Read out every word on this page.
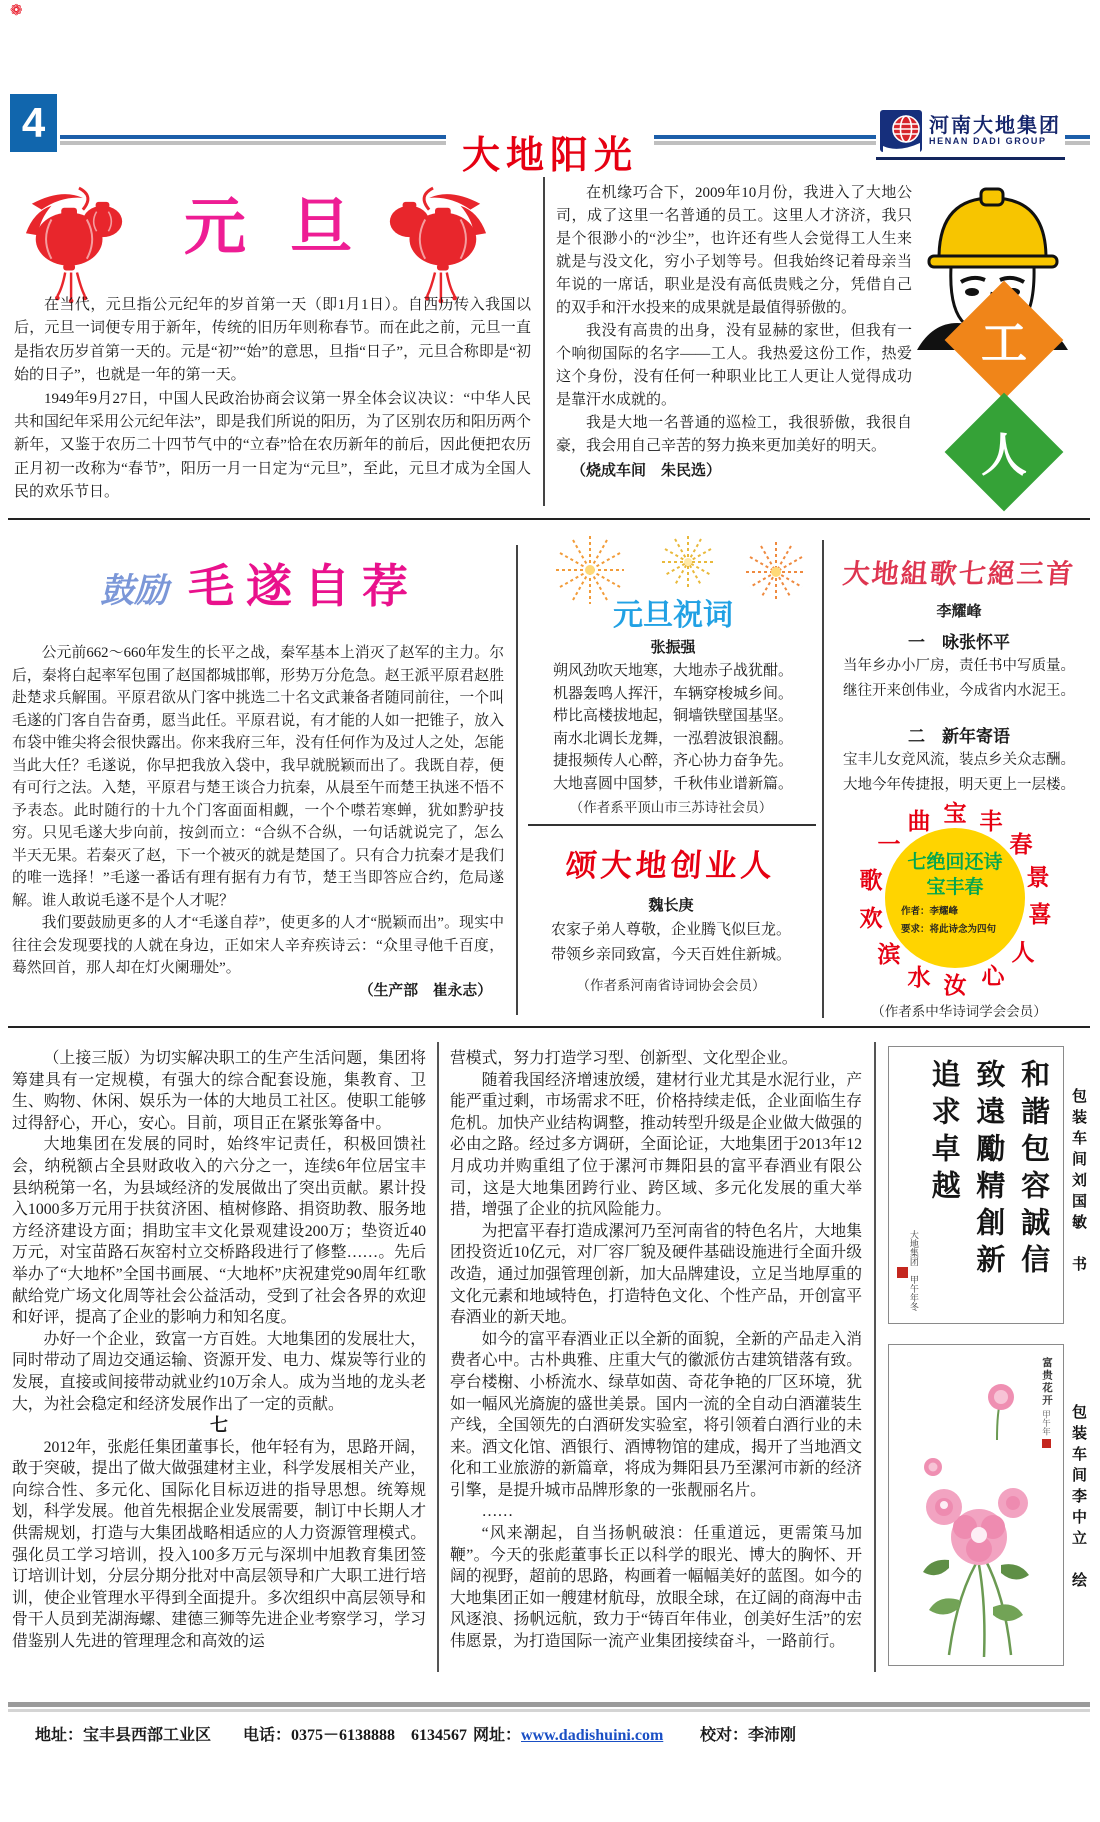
❁
4
大地阳光
河南大地集团
HENAN DADI GROUP
元旦

在当代，元旦指公元纪年的岁首第一天（即1月1日）。自西历传入我国以后，元旦一词便专用于新年，传统的旧历年则称春节。而在此之前，元旦一直是指农历岁首第一天的。元是“初”“始”的意思，旦指“日子”，元旦合称即是“初始的日子”，也就是一年的第一天。

1949年9月27日，中国人民政治协商会议第一界全体会议决议：“中华人民共和国纪年采用公元纪年法”，即是我们所说的阳历，为了区别农历和阳历两个新年，又鉴于农历二十四节气中的“立春”恰在农历新年的前后，因此便把农历正月初一改称为“春节”，阳历一月一日定为“元旦”，至此，元旦才成为全国人民的欢乐节日。

在机缘巧合下，2009年10月份，我进入了大地公司，成了这里一名普通的员工。这里人才济济，我只是个很渺小的“沙尘”，也许还有些人会觉得工人生来就是与没文化，穷小子划等号。但我始终记着母亲当年说的一席话，职业是没有高低贵贱之分，凭借自己的双手和汗水投来的成果就是最值得骄傲的。

我没有高贵的出身，没有显赫的家世，但我有一个响彻国际的名字——工人。我热爱这份工作，热爱这个身份，没有任何一种职业比工人更让人觉得成功是靠汗水成就的。

我是大地一名普通的巡检工，我很骄傲，我很自豪，我会用自己辛苦的努力换来更加美好的明天。

（烧成车间　朱民选）
工
人
鼓励 毛遂自荐

公元前662～660年发生的长平之战，秦军基本上消灭了赵军的主力。尔后，秦将白起率军包围了赵国都城邯郸，形势万分危急。赵王派平原君赵胜赴楚求兵解围。平原君欲从门客中挑选二十名文武兼备者随同前往，一个叫毛遂的门客自告奋勇，愿当此任。平原君说，有才能的人如一把锥子，放入布袋中锥尖将会很快露出。你来我府三年，没有任何作为及过人之处，怎能当此大任？毛遂说，你早把我放入袋中，我早就脱颖而出了。我既自荐，便有可行之法。入楚，平原君与楚王谈合力抗秦，从晨至午而楚王执迷不悟不予表态。此时随行的十九个门客面面相觑，一个个噤若寒蝉，犹如黔驴技穷。只见毛遂大步向前，按剑而立：“合纵不合纵，一句话就说完了，怎么半天无果。若秦灭了赵，下一个被灭的就是楚国了。只有合力抗秦才是我们的唯一选择！”毛遂一番话有理有据有力有节，楚王当即答应合约，危局遂解。谁人敢说毛遂不是个人才呢？

我们要鼓励更多的人才“毛遂自荐”，使更多的人才“脱颖而出”。现实中往往会发现要找的人就在身边，正如宋人辛弃疾诗云：“众里寻他千百度，蓦然回首，那人却在灯火阑珊处”。

（生产部　崔永志）
元旦祝词
张振强
朔风劲吹天地寒，大地赤子战犹酣。
机器轰鸣人挥汗，车辆穿梭城乡间。
栉比高楼拔地起，铜墙铁壁国基坚。
南水北调长龙舞，一泓碧波银浪翻。
捷报频传人心醉，齐心协力奋争先。
大地喜圆中国梦，千秋伟业谱新篇。
（作者系平顶山市三苏诗社会员）
颂大地创业人
魏长庚
农家子弟人尊敬，企业腾飞似巨龙。
带领乡亲同致富，今天百姓住新城。
（作者系河南省诗词协会会员）
大地組歌七絕三首
李耀峰
一　咏张怀平
当年乡办小厂房，责任书中写质量。
继往开来创伟业，今成省内水泥王。
二　新年寄语
宝丰儿女竞风流，装点乡关众志酬。
大地今年传捷报，明天更上一层楼。
七绝回还诗
宝丰春
作者：李耀峰
要求：将此诗念为四句
一
曲 宝 丰
春
景
喜
人
心
汝
水
滨
欢
歌
（作者系中华诗词学会会员）

（上接三版）为切实解决职工的生产生活问题，集团将筹建具有一定规模，有强大的综合配套设施，集教育、卫生、购物、休闲、娱乐为一体的大地员工社区。使职工能够过得舒心，开心，安心。目前，项目正在紧张筹备中。

大地集团在发展的同时，始终牢记责任，积极回馈社会，纳税额占全县财政收入的六分之一，连续6年位居宝丰县纳税第一名，为县域经济的发展做出了突出贡献。累计投入1000多万元用于扶贫济困、植树修路、捐资助教、服务地方经济建设方面；捐助宝丰文化景观建设200万；垫资近40万元，对宝苗路石灰窑村立交桥路段进行了修整……。先后举办了“大地杯”全国书画展、“大地杯”庆祝建党90周年红歌献给党广场文化周等社会公益活动，受到了社会各界的欢迎和好评，提高了企业的影响力和知名度。

办好一个企业，致富一方百姓。大地集团的发展壮大，同时带动了周边交通运输、资源开发、电力、煤炭等行业的发展，直接或间接带动就业约10万余人。成为当地的龙头老大，为社会稳定和经济发展作出了一定的贡献。

七

2012年，张彪任集团董事长，他年轻有为，思路开阔，敢于突破，提出了做大做强建材主业，科学发展相关产业，向综合性、多元化、国际化目标迈进的指导思想。统筹规划，科学发展。他首先根据企业发展需要，制订中长期人才供需规划，打造与大集团战略相适应的人力资源管理模式。强化员工学习培训，投入100多万元与深圳中旭教育集团签订培训计划，分层分期分批对中高层领导和广大职工进行培训，使企业管理水平得到全面提升。多次组织中高层领导和骨干人员到芜湖海螺、建德三狮等先进企业考察学习，学习借鉴别人先进的管理理念和高效的运

营模式，努力打造学习型、创新型、文化型企业。

随着我国经济增速放缓，建材行业尤其是水泥行业，产能严重过剩，市场需求不旺，价格持续走低，企业面临生存危机。加快产业结构调整，推动转型升级是企业做大做强的必由之路。经过多方调研，全面论证，大地集团于2013年12月成功并购重组了位于漯河市舞阳县的富平春酒业有限公司，这是大地集团跨行业、跨区域、多元化发展的重大举措，增强了企业的抗风险能力。

为把富平春打造成漯河乃至河南省的特色名片，大地集团投资近10亿元，对厂容厂貌及硬件基础设施进行全面升级改造，通过加强管理创新，加大品牌建设，立足当地厚重的文化元素和地域特色，打造特色文化、个性产品，开创富平春酒业的新天地。

如今的富平春酒业正以全新的面貌，全新的产品走入消费者心中。古朴典雅、庄重大气的徽派仿古建筑错落有致。亭台楼榭、小桥流水、绿草如茵、奇花争艳的厂区环境，犹如一幅风光旖旎的盛世美景。国内一流的全自动白酒灌装生产线，全国领先的白酒研发实验室，将引领着白酒行业的未来。酒文化馆、酒银行、酒博物馆的建成，揭开了当地酒文化和工业旅游的新篇章，将成为舞阳县乃至漯河市新的经济引擎，是提升城市品牌形象的一张靓丽名片。

……

“风来潮起，自当扬帆破浪：任重道远，更需策马加鞭”。今天的张彪董事长正以科学的眼光、博大的胸怀、开阔的视野，超前的思路，构画着一幅幅美好的蓝图。如今的大地集团正如一艘建材航母，放眼全球，在辽阔的商海中击风逐浪、扬帆远航，致力于“铸百年伟业，创美好生活”的宏伟愿景，为打造国际一流产业集团接续奋斗，一路前行。

和諧包容誠信
致遠勵精創新
追求卓越
大地集团　甲午年冬	包装车间刘国敏　书
富贵花开
甲午年 包装车间李中立　绘
地址：宝丰县西部工业区 电话：0375－6138888　6134567 网址：www.dadishuini.com 校对：李沛刚
